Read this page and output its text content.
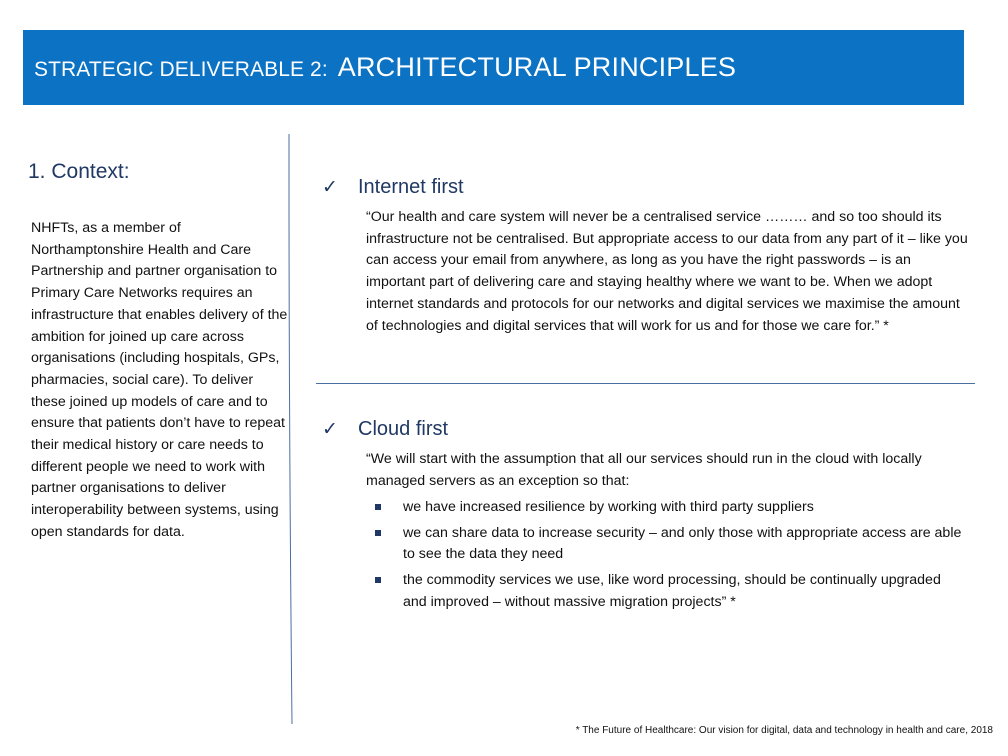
STRATEGIC DELIVERABLE 2: ARCHITECTURAL PRINCIPLES
1. Context:
NHFTs, as a member of Northamptonshire Health and Care Partnership and partner organisation to Primary Care Networks requires an infrastructure that enables delivery of the ambition for joined up care across organisations (including hospitals, GPs, pharmacies, social care). To deliver these joined up models of care and to ensure that patients don’t have to repeat their medical history or care needs to different people we need to work with partner organisations to deliver interoperability between systems, using open standards for data.
✓ Internet first
“Our health and care system will never be a centralised service ……… and so too should its infrastructure not be centralised. But appropriate access to our data from any part of it – like you can access your email from anywhere, as long as you have the right passwords – is an important part of delivering care and staying healthy where we want to be. When we adopt internet standards and protocols for our networks and digital services we maximise the amount of technologies and digital services that will work for us and for those we care for.” *
✓ Cloud first
“We will start with the assumption that all our services should run in the cloud with locally managed servers as an exception so that:
we have increased resilience by working with third party suppliers
we can share data to increase security – and only those with appropriate access are able to see the data they need
the commodity services we use, like word processing, should be continually upgraded and improved – without massive migration projects” *
* The Future of Healthcare: Our vision for digital, data and technology in health and care, 2018
